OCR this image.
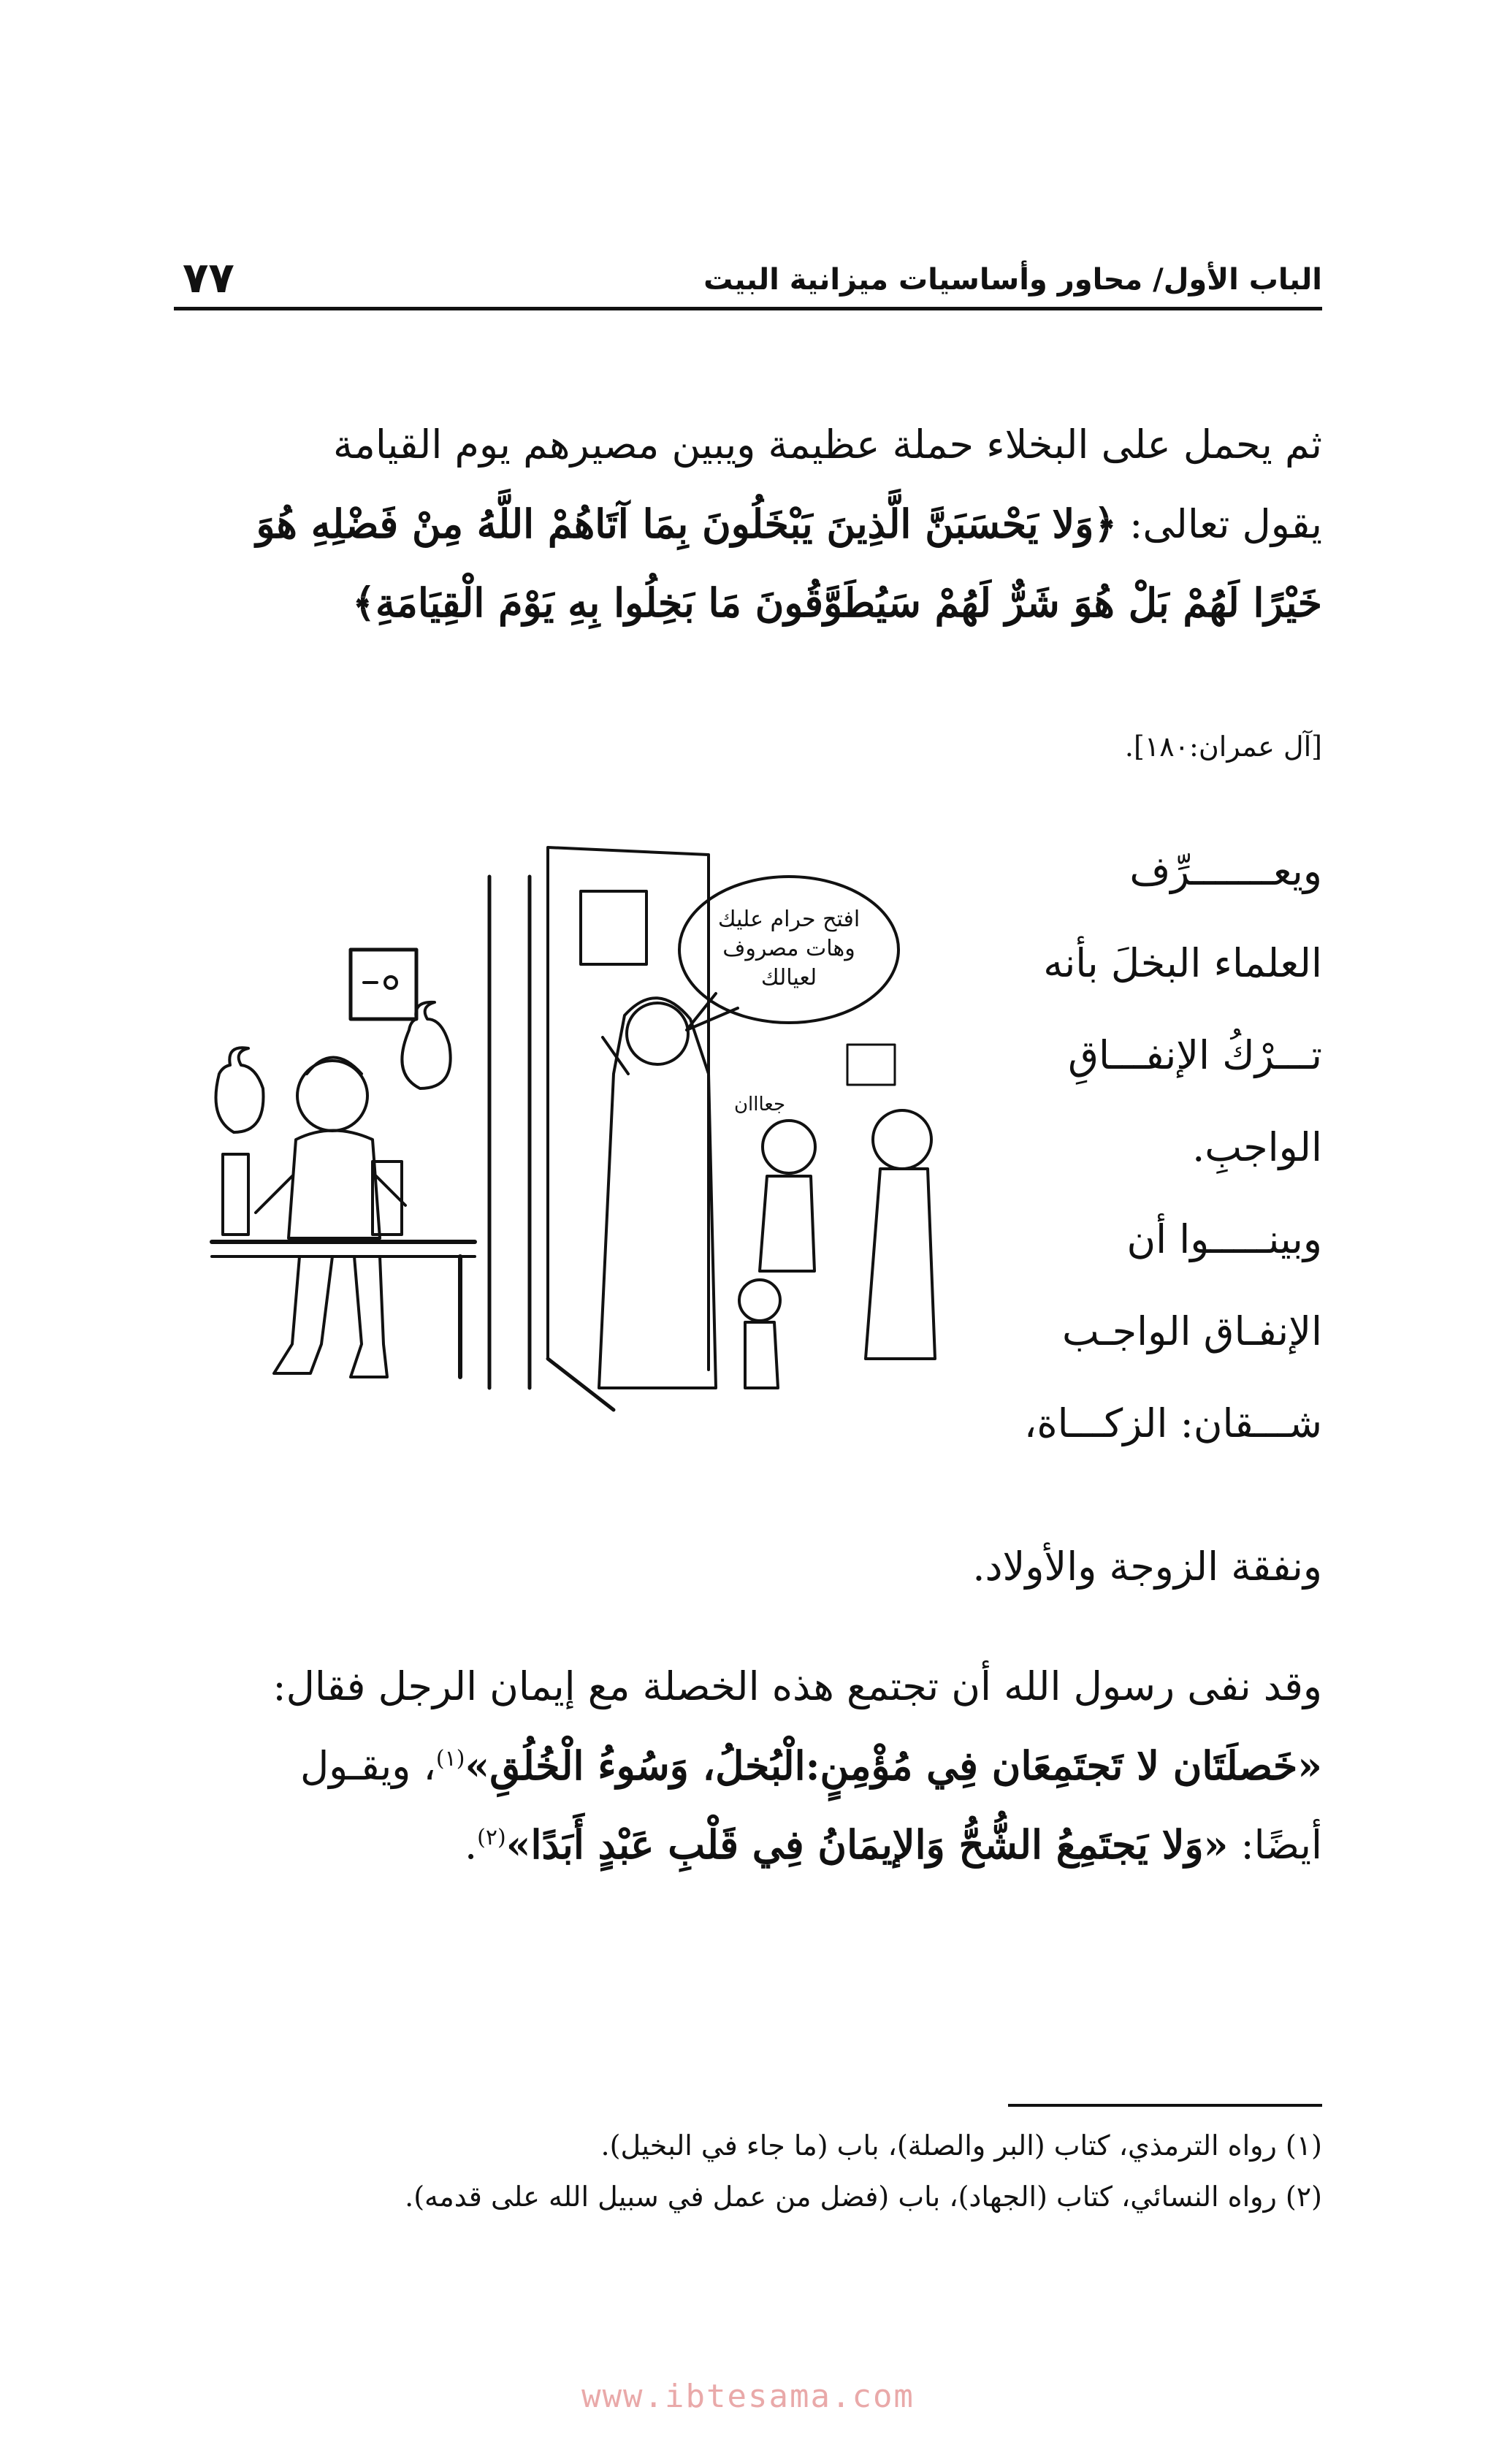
الباب الأول/ محاور وأساسيات ميزانية البيت
٧٧
ثم يحمل على البخلاء حملة عظيمة ويبين مصيرهم يوم القيامة
يقول تعالى: ﴿وَلا يَحْسَبَنَّ الَّذِينَ يَبْخَلُونَ بِمَا آتَاهُمْ اللَّهُ مِنْ فَضْلِهِ هُوَ
خَيْرًا لَهُمْ بَلْ هُوَ شَرٌّ لَهُمْ سَيُطَوَّقُونَ مَا بَخِلُوا بِهِ يَوْمَ الْقِيَامَةِ﴾
[آل عمران:١٨٠].
افتح حرام عليك
وهات مصروف
لعيالك
جعااان
ويعـــــــرِّف
العلماء البخلَ بأنه
تـــرْكُ الإنفـــاقِ
الواجبِ.
وبينـــــوا أن
الإنفـاق الواجـب
شـــقان: الزكـــاة،
ونفقة الزوجة والأولاد.
وقد نفى رسول الله أن تجتمع هذه الخصلة مع إيمان الرجل فقال:
«خَصلَتَان لا تَجتَمِعَان فِي مُؤْمِنٍ:الْبُخلُ، وَسُوءُ الْخُلُقِ»$^{(١)}$، ويقـول
أيضًا: «وَلا يَجتَمِعُ الشُّحُّ وَالإيمَانُ فِي قَلْبِ عَبْدٍ أَبَدًا»$^{(٢)}$.
(١) رواه الترمذي، كتاب (البر والصلة)، باب (ما جاء في البخيل).
(٢) رواه النسائي، كتاب (الجهاد)، باب (فضل من عمل في سبيل الله على قدمه).
www.ibtesama.com
